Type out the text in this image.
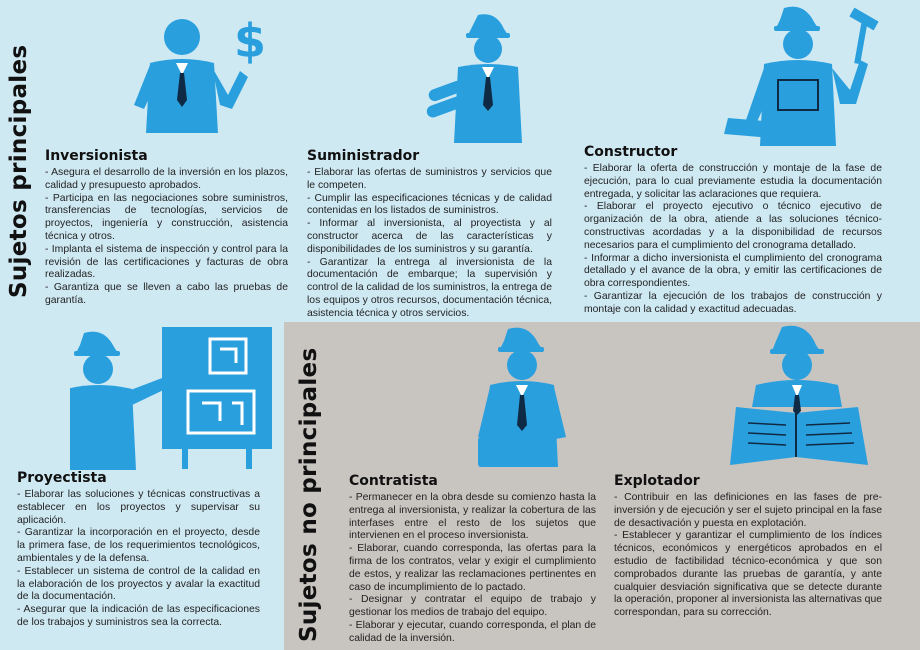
Sujetos principales
Sujetos no principales
$
Inversionista

- Asegura el desarrollo de la inversión en los plazos, calidad y presupuesto aprobados.
- Participa en las negociaciones sobre suministros, transferencias de tecnologías, servicios de proyectos, ingeniería y construcción, asistencia técnica y otros.
- Implanta el sistema de inspección y control para la revisión de las certificaciones y facturas de obra realizadas.
- Garantiza que se lleven a cabo las pruebas de garantía.

Suministrador

- Elaborar las ofertas de suministros y servicios que le competen.
- Cumplir las especificaciones técnicas y de calidad contenidas en los listados de suministros.
- Informar al inversionista, al proyectista y al constructor acerca de las características y disponibilidades de los suministros y su garantía.
- Garantizar la entrega al inversionista de la documentación de embarque; la supervisión y control de la calidad de los suministros, la entrega de los equipos y otros recursos, documentación técnica, asistencia técnica y otros servicios.

Constructor

- Elaborar la oferta de construcción y montaje de la fase de ejecución, para lo cual previamente estudia la documentación entregada, y solicitar las aclaraciones que requiera.
- Elaborar el proyecto ejecutivo o técnico ejecutivo de organización de la obra, atiende a las soluciones técnico-constructivas acordadas y a la disponibilidad de recursos necesarios para el cumplimiento del cronograma detallado.
- Informar a dicho inversionista el cumplimiento del cronograma detallado y el avance de la obra, y emitir las certificaciones de obra correspondientes.
- Garantizar la ejecución de los trabajos de construcción y montaje con la calidad y exactitud adecuadas.

Proyectista

- Elaborar las soluciones y técnicas constructivas a establecer en los proyectos y supervisar su aplicación.
- Garantizar la incorporación en el proyecto, desde la primera fase, de los requerimientos tecnológicos, ambientales y de la defensa.
- Establecer un sistema de control de la calidad en la elaboración de los proyectos y avalar la exactitud de la documentación.
- Asegurar que la indicación de las especificaciones de los trabajos y suministros sea la correcta.

Contratista

- Permanecer en la obra desde su comienzo hasta la entrega al inversionista, y realizar la cobertura de las interfases entre el resto de los sujetos que intervienen en el proceso inversionista.
- Elaborar, cuando corresponda, las ofertas para la firma de los contratos, velar y exigir el cumplimiento de estos, y realizar las reclamaciones pertinentes en caso de incumplimiento de lo pactado.
- Designar y contratar el equipo de trabajo y gestionar los medios de trabajo del equipo.
- Elaborar y ejecutar, cuando corresponda, el plan de calidad de la inversión.

Explotador

- Contribuir en las definiciones en las fases de pre-inversión y de ejecución y ser el sujeto principal en la fase de desactivación y puesta en explotación.
- Establecer y garantizar el cumplimiento de los índices técnicos, económicos y energéticos aprobados en el estudio de factibilidad técnico-económica y que son comprobados durante las pruebas de garantía, y ante cualquier desviación significativa que se detecte durante la operación, proponer al inversionista las alternativas que correspondan, para su corrección.
